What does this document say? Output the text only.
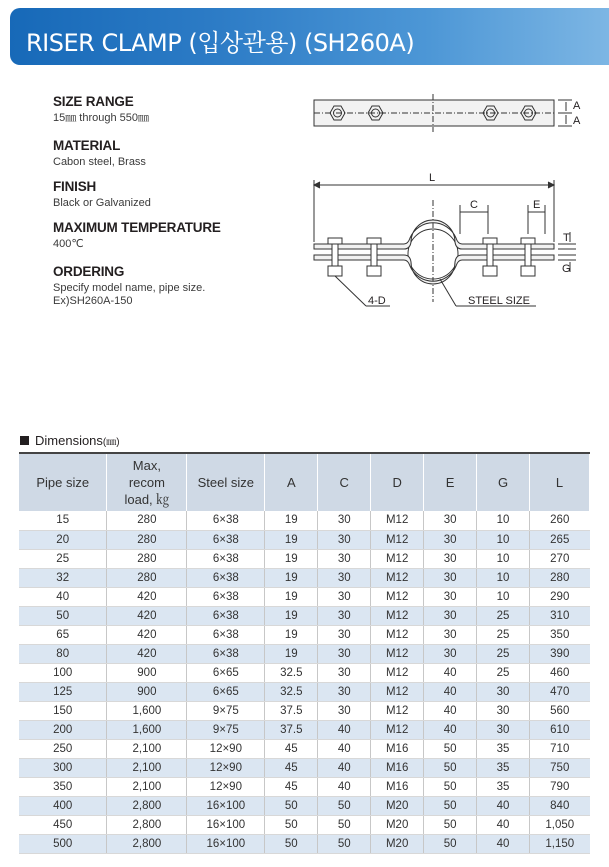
RISER CLAMP (입상관용) (SH260A)
SIZE RANGE
15㎜ through 550㎜
MATERIAL
Cabon steel, Brass
FINISH
Black or Galvanized
MAXIMUM TEMPERATURE
400℃
ORDERING
Specify model name, pipe size.
Ex)SH260A-150
A
A
L
C	E
T
G
4-D	STEEL SIZE
Dimensions (㎜)
Pipe size	Max, recom load, ㎏	Steel size	A	C	D	E	G	L
15	280	6×38	19	30	M12	30	10	260
20	280	6×38	19	30	M12	30	10	265
25	280	6×38	19	30	M12	30	10	270
32	280	6×38	19	30	M12	30	10	280
40	420	6×38	19	30	M12	30	10	290
50	420	6×38	19	30	M12	30	25	310
65	420	6×38	19	30	M12	30	25	350
80	420	6×38	19	30	M12	30	25	390
100	900	6×65	32.5	30	M12	40	25	460
125	900	6×65	32.5	30	M12	40	30	470
150	1,600	9×75	37.5	30	M12	40	30	560
200	1,600	9×75	37.5	40	M12	40	30	610
250	2,100	12×90	45	40	M16	50	35	710
300	2,100	12×90	45	40	M16	50	35	750
350	2,100	12×90	45	40	M16	50	35	790
400	2,800	16×100	50	50	M20	50	40	840
450	2,800	16×100	50	50	M20	50	40	1,050
500	2,800	16×100	50	50	M20	50	40	1,150
